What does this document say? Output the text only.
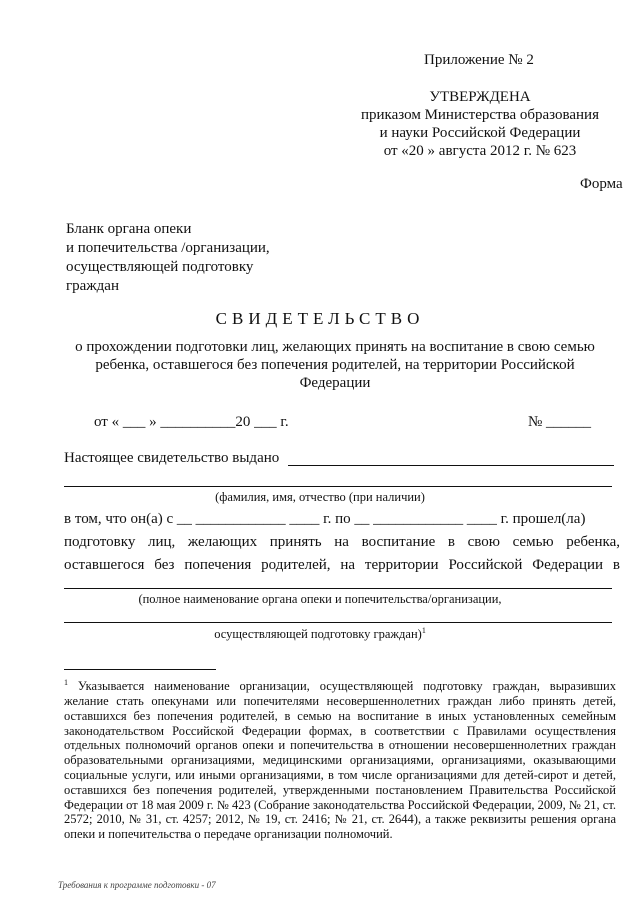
Приложение № 2
УТВЕРЖДЕНА
приказом Министерства образования
и науки Российской Федерации
от «20 » августа 2012 г. № 623
Форма
Бланк органа опеки
и попечительства /организации,
осуществляющей подготовку
граждан
СВИДЕТЕЛЬСТВО
о прохождении подготовки лиц, желающих принять на воспитание в свою семью
ребенка, оставшегося без попечения родителей, на территории Российской
Федерации
от « ___ » __________20 ___ г.	№ ______
Настоящее свидетельство выдано
(фамилия, имя, отчество (при наличии)
в том, что он(а) с __ ____________ ____ г. по __ ____________ ____ г. прошел(ла)
подготовку лиц, желающих принять на воспитание в свою семью ребенка,
оставшегося без попечения родителей, на территории Российской Федерации в
(полное наименование органа опеки и попечительства/организации,
осуществляющей подготовку граждан)$^1$
$^1$ Указывается наименование организации, осуществляющей подготовку граждан, выразивших желание стать опекунами или попечителями несовершеннолетних граждан либо принять детей, оставшихся без попечения родителей, в семью на воспитание в иных установленных семейным законодательством Российской Федерации формах, в соответствии с Правилами осуществления отдельных полномочий органов опеки и попечительства в отношении несовершеннолетних граждан образовательными организациями, медицинскими организациями, организациями, оказывающими социальные услуги, или иными организациями, в том числе организациями для детей-сирот и детей, оставшихся без попечения родителей, утвержденными постановлением Правительства Российской Федерации от 18 мая 2009 г. № 423 (Собрание законодательства Российской Федерации, 2009, № 21, ст. 2572; 2010, № 31, ст. 4257; 2012, № 19, ст. 2416; № 21, ст. 2644), а также реквизиты решения органа опеки и попечительства о передаче организации полномочий.
Требования к программе подготовки - 07
